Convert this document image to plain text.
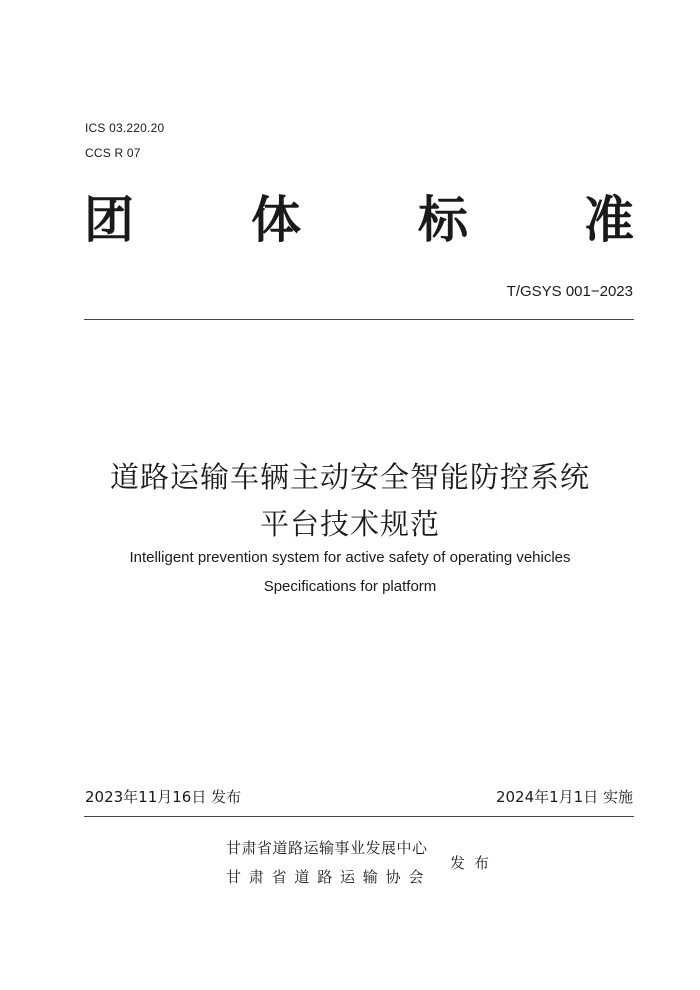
ICS 03.220.20
CCS R 07
团 体 标 准
T/GSYS 001−2023
道路运输车辆主动安全智能防控系统
平台技术规范
Intelligent prevention system for active safety of operating vehicles
Specifications for platform
2023年11月16日 发布	2024年1月1日 实施
甘肃省道路运输事业发展中心
甘肃省道路运输协会
发布
